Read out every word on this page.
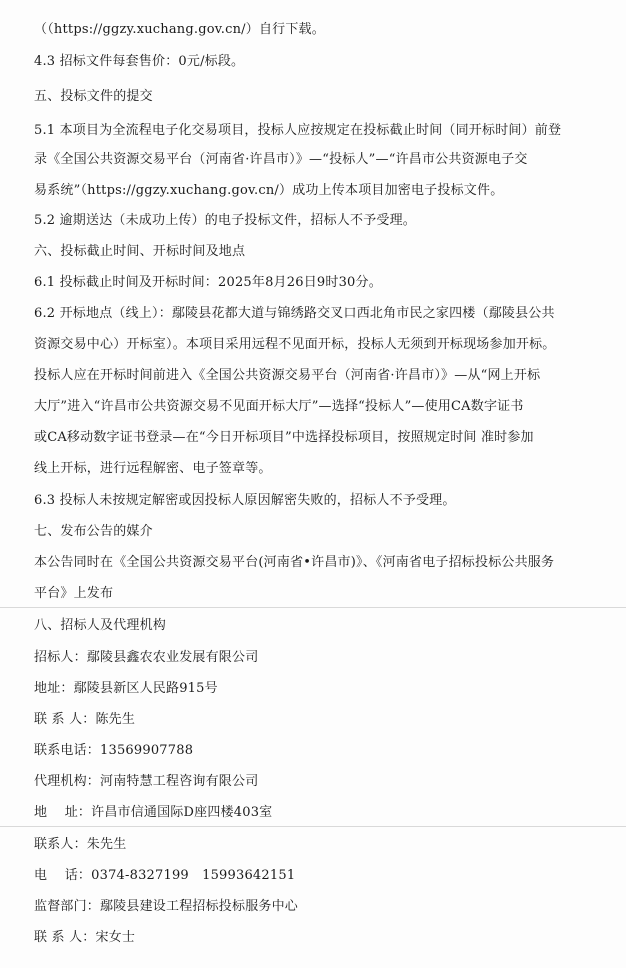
（（https://ggzy.xuchang.gov.cn/）自行下载。
4.3 招标文件每套售价：0元/标段。
五、投标文件的提交
5.1 本项目为全流程电子化交易项目，投标人应按规定在投标截止时间（同开标时间）前登
录《全国公共资源交易平台（河南省·许昌市）》—“投标人”—“许昌市公共资源电子交
易系统”（https://ggzy.xuchang.gov.cn/）成功上传本项目加密电子投标文件。
5.2 逾期送达（未成功上传）的电子投标文件，招标人不予受理。
六、投标截止时间、开标时间及地点
6.1 投标截止时间及开标时间：2025年8月26日9时30分。
6.2 开标地点（线上）：鄢陵县花都大道与锦绣路交叉口西北角市民之家四楼（鄢陵县公共
资源交易中心）开标室）。本项目采用远程不见面开标，投标人无须到开标现场参加开标。
投标人应在开标时间前进入《全国公共资源交易平台（河南省·许昌市）》—从“网上开标
大厅”进入“许昌市公共资源交易不见面开标大厅”—选择“投标人”—使用CA数字证书
或CA移动数字证书登录—在“今日开标项目”中选择投标项目，按照规定时间 准时参加
线上开标，进行远程解密、电子签章等。
6.3 投标人未按规定解密或因投标人原因解密失败的，招标人不予受理。
七、发布公告的媒介
本公告同时在《全国公共资源交易平台(河南省•许昌市)》、《河南省电子招标投标公共服务
平台》上发布
八、招标人及代理机构
招标人：鄢陵县鑫农农业发展有限公司
地址：鄢陵县新区人民路915号
联 系 人：陈先生
联系电话：13569907788
代理机构：河南特慧工程咨询有限公司
地　 址：许昌市信通国际D座四楼403室
联系人：朱先生
电　 话：0374-8327199　15993642151
监督部门：鄢陵县建设工程招标投标服务中心
联 系 人：宋女士
